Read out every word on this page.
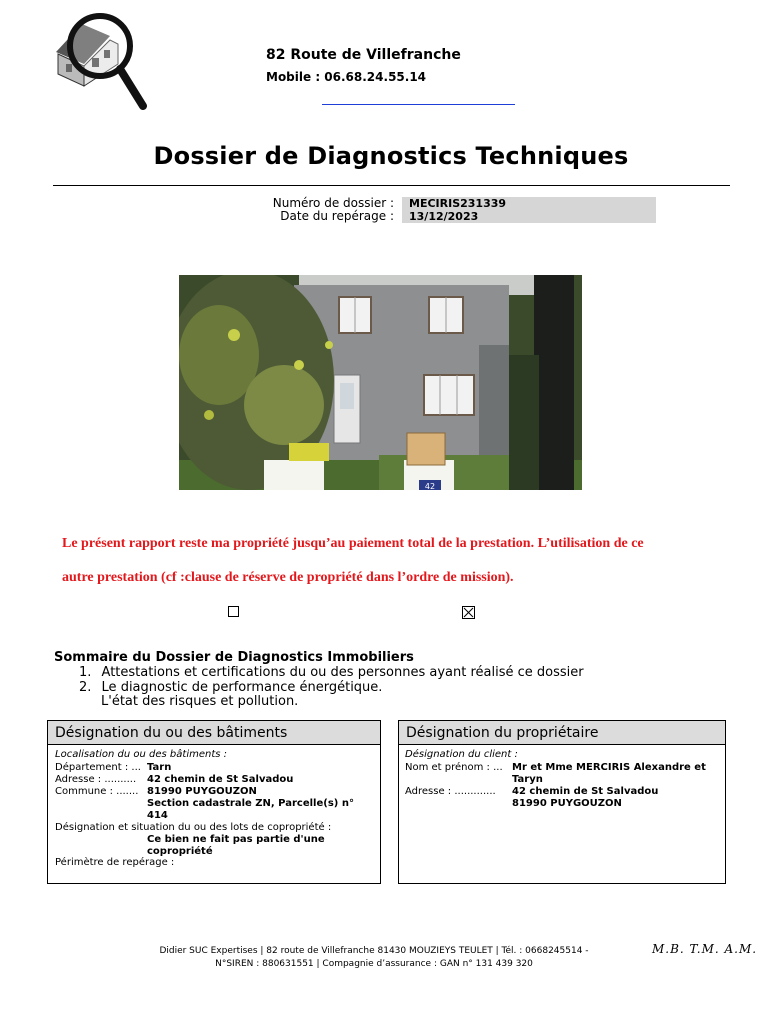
82 Route de Villefranche
Mobile : 06.68.24.55.14
Dossier de Diagnostics Techniques
Numéro de dossier :	MECIRIS231339
Date du repérage :	13/12/2023
42
Le présent rapport reste ma propriété jusqu’au paiement total de la prestation. L’utilisation de ce
autre prestation (cf :clause de réserve de propriété dans l’ordre de mission).
Sommaire du Dossier de Diagnostics Immobiliers
1. Attestations et certifications du ou des personnes ayant réalisé ce dossier
2. Le diagnostic de performance énergétique.
L'état des risques et pollution.
Désignation du ou des bâtiments
Localisation du ou des bâtiments :
Département : ... Tarn
Adresse : .......... 42 chemin de St Salvadou
Commune : ....... 81990 PUYGOUZON
Section cadastrale ZN, Parcelle(s) n°
414
Désignation et situation du ou des lots de copropriété :
Ce bien ne fait pas partie d'une
copropriété
Périmètre de repérage :
Désignation du propriétaire
Désignation du client :
Nom et prénom : ... Mr et Mme MERCIRIS Alexandre et
Taryn
Adresse : ............. 42 chemin de St Salvadou
81990 PUYGOUZON
Didier SUC Expertises | 82 route de Villefranche 81430 MOUZIEYS TEULET | Tél. : 0668245514 -
N°SIREN : 880631551 | Compagnie d’assurance : GAN n° 131 439 320
M.B. T.M. A.M.
